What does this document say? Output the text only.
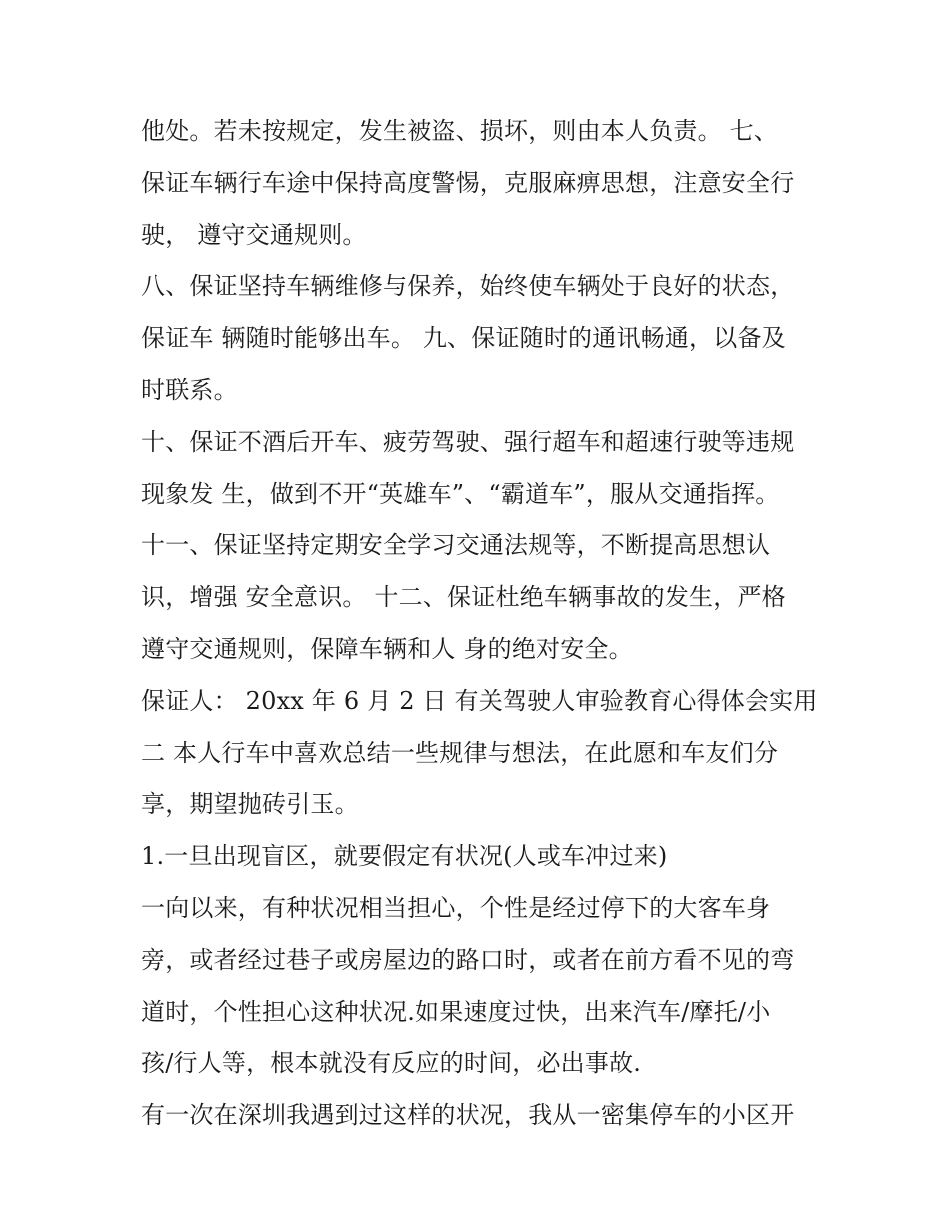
他处。若未按规定，发生被盗、损坏，则由本人负责。 七、
保证车辆行车途中保持高度警惕，克服麻痹思想，注意安全行
驶， 遵守交通规则。
八、保证坚持车辆维修与保养，始终使车辆处于良好的状态，
保证车 辆随时能够出车。 九、保证随时的通讯畅通，以备及
时联系。
十、保证不酒后开车、疲劳驾驶、强行超车和超速行驶等违规
现象发 生，做到不开“英雄车”、“霸道车”，服从交通指挥。
十一、保证坚持定期安全学习交通法规等，不断提高思想认
识，增强 安全意识。 十二、保证杜绝车辆事故的发生，严格
遵守交通规则，保障车辆和人 身的绝对安全。
保证人： 20xx 年 6 月 2 日 有关驾驶人审验教育心得体会实用
二 本人行车中喜欢总结一些规律与想法，在此愿和车友们分
享，期望抛砖引玉。
1.一旦出现盲区，就要假定有状况(人或车冲过来)
一向以来，有种状况相当担心，个性是经过停下的大客车身
旁，或者经过巷子或房屋边的路口时，或者在前方看不见的弯
道时，个性担心这种状况.如果速度过快，出来汽车/摩托/小
孩/行人等，根本就没有反应的时间，必出事故.
有一次在深圳我遇到过这样的状况，我从一密集停车的小区开
